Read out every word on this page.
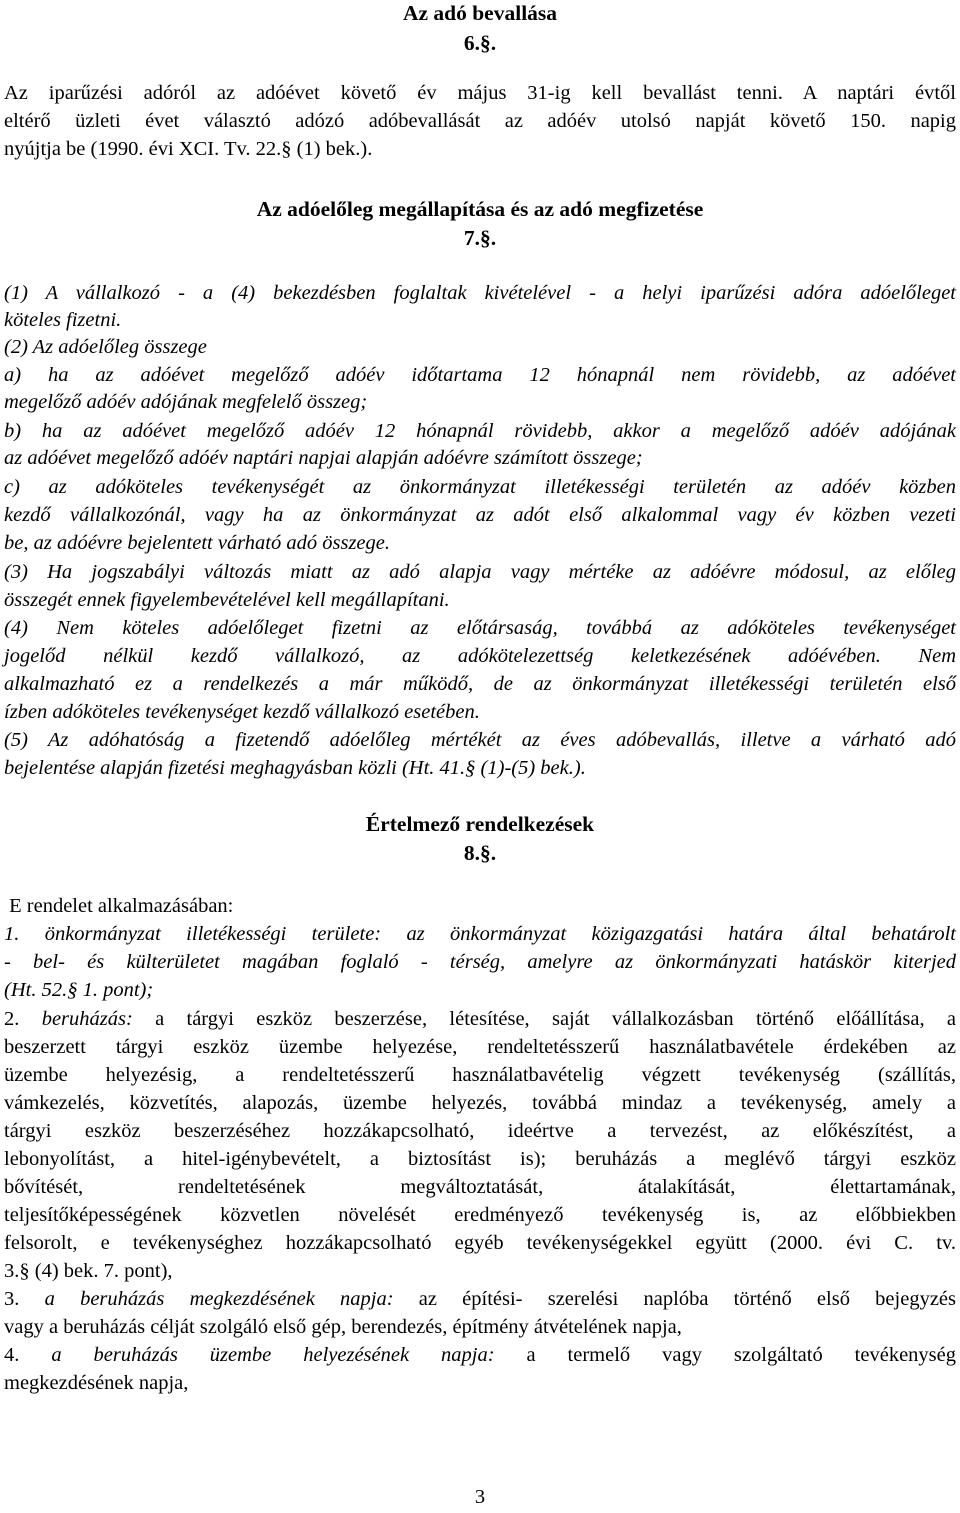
Az adó bevallása
6.§.
Az iparűzési adóról az adóévet követő év május 31-ig kell bevallást tenni. A naptári évtől
eltérő üzleti évet választó adózó adóbevallását az adóév utolsó napját követő 150. napig
nyújtja be (1990. évi XCI. Tv. 22.§ (1) bek.).
Az adóelőleg megállapítása és az adó megfizetése
7.§.
(1) A vállalkozó - a (4) bekezdésben foglaltak kivételével - a helyi iparűzési adóra adóelőleget
köteles fizetni.
(2) Az adóelőleg összege
a) ha az adóévet megelőző adóév időtartama 12 hónapnál nem rövidebb, az adóévet
megelőző adóév adójának megfelelő összeg;
b) ha az adóévet megelőző adóév 12 hónapnál rövidebb, akkor a megelőző adóév adójának
az adóévet megelőző adóév naptári napjai alapján adóévre számított összege;
c) az adóköteles tevékenységét az önkormányzat illetékességi területén az adóév közben
kezdő vállalkozónál, vagy ha az önkormányzat az adót első alkalommal vagy év közben vezeti
be, az adóévre bejelentett várható adó összege.
(3) Ha jogszabályi változás miatt az adó alapja vagy mértéke az adóévre módosul, az előleg
összegét ennek figyelembevételével kell megállapítani.
(4) Nem köteles adóelőleget fizetni az előtársaság, továbbá az adóköteles tevékenységet
jogelőd nélkül kezdő vállalkozó, az adókötelezettség keletkezésének adóévében. Nem
alkalmazható ez a rendelkezés a már működő, de az önkormányzat illetékességi területén első
ízben adóköteles tevékenységet kezdő vállalkozó esetében.
(5) Az adóhatóság a fizetendő adóelőleg mértékét az éves adóbevallás, illetve a várható adó
bejelentése alapján fizetési meghagyásban közli (Ht. 41.§ (1)-(5) bek.).
Értelmező rendelkezések
8.§.
E rendelet alkalmazásában:
1. önkormányzat illetékességi területe: az önkormányzat közigazgatási határa által behatárolt
- bel- és külterületet magában foglaló - térség, amelyre az önkormányzati hatáskör kiterjed
(Ht. 52.§ 1. pont);
2. beruházás: a tárgyi eszköz beszerzése, létesítése, saját vállalkozásban történő előállítása, a
beszerzett tárgyi eszköz üzembe helyezése, rendeltetésszerű használatbavétele érdekében az
üzembe helyezésig, a rendeltetésszerű használatbavételig végzett tevékenység (szállítás,
vámkezelés, közvetítés, alapozás, üzembe helyezés, továbbá mindaz a tevékenység, amely a
tárgyi eszköz beszerzéséhez hozzákapcsolható, ideértve a tervezést, az előkészítést, a
lebonyolítást, a hitel-igénybevételt, a biztosítást is); beruházás a meglévő tárgyi eszköz
bővítését, rendeltetésének megváltoztatását, átalakítását, élettartamának,
teljesítőképességének közvetlen növelését eredményező tevékenység is, az előbbiekben
felsorolt, e tevékenységhez hozzákapcsolható egyéb tevékenységekkel együtt (2000. évi C. tv.
3.§ (4) bek. 7. pont),
3. a beruházás megkezdésének napja: az építési- szerelési naplóba történő első bejegyzés
vagy a beruházás célját szolgáló első gép, berendezés, építmény átvételének napja,
4. a beruházás üzembe helyezésének napja: a termelő vagy szolgáltató tevékenység
megkezdésének napja,
3
